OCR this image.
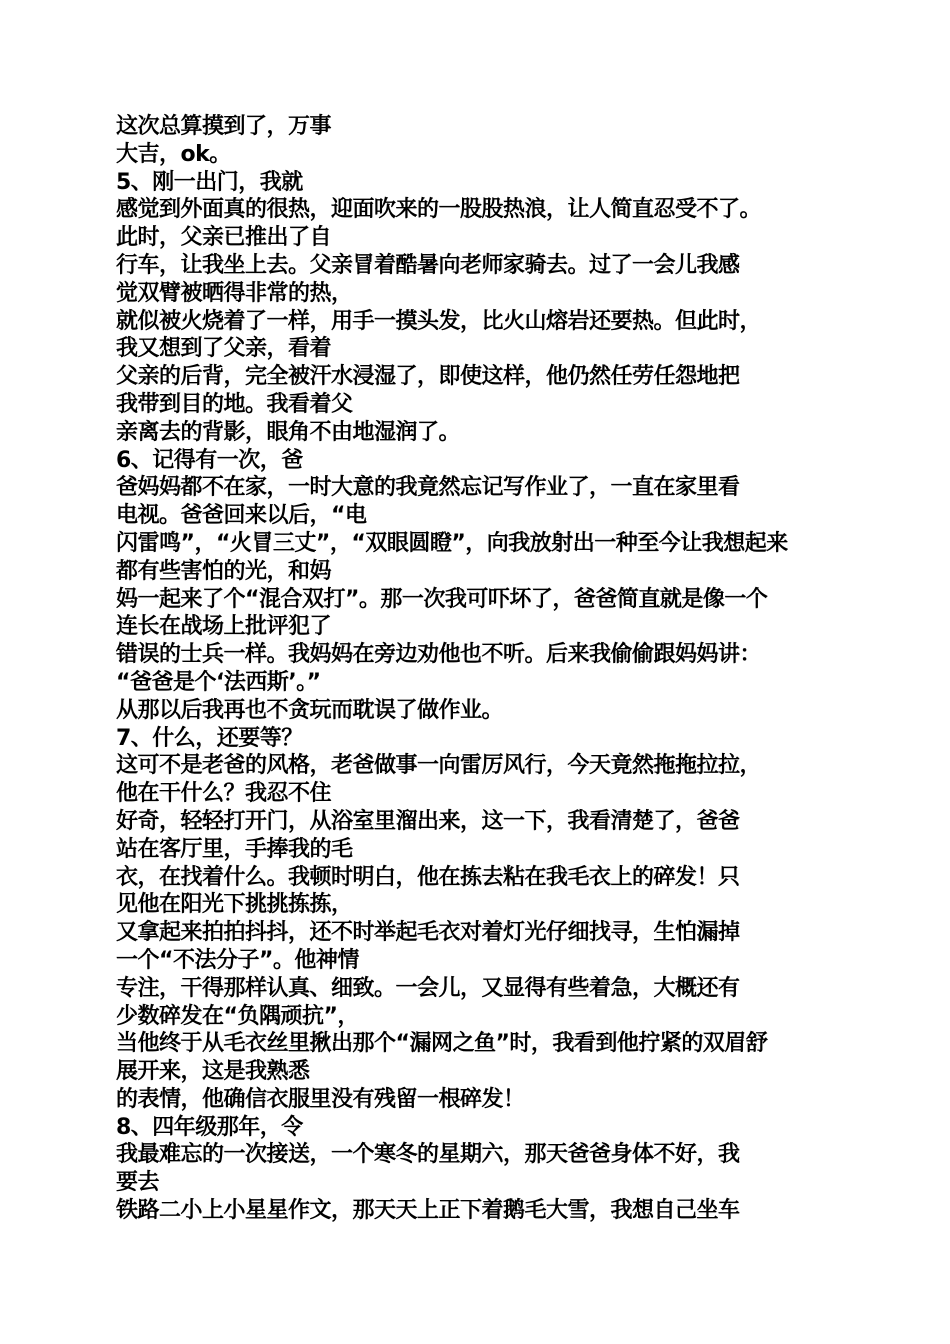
这次总算摸到了，万事
大吉，ok。
5、刚一出门，我就
感觉到外面真的很热，迎面吹来的一股股热浪，让人简直忍受不了。
此时，父亲已推出了自
行车，让我坐上去。父亲冒着酷暑向老师家骑去。过了一会儿我感
觉双臂被晒得非常的热，
就似被火烧着了一样，用手一摸头发，比火山熔岩还要热。但此时，
我又想到了父亲，看着
父亲的后背，完全被汗水浸湿了，即使这样，他仍然任劳任怨地把
我带到目的地。我看着父
亲离去的背影，眼角不由地湿润了。
6、记得有一次，爸
爸妈妈都不在家，一时大意的我竟然忘记写作业了，一直在家里看
电视。爸爸回来以后，“电
闪雷鸣”，“火冒三丈”，“双眼圆瞪”，向我放射出一种至今让我想起来
都有些害怕的光，和妈
妈一起来了个“混合双打”。那一次我可吓坏了，爸爸简直就是像一个
连长在战场上批评犯了
错误的士兵一样。我妈妈在旁边劝他也不听。后来我偷偷跟妈妈讲：
“爸爸是个‘法西斯’。”
从那以后我再也不贪玩而耽误了做作业。
7、什么，还要等？
这可不是老爸的风格，老爸做事一向雷厉风行，今天竟然拖拖拉拉，
他在干什么？我忍不住
好奇，轻轻打开门，从浴室里溜出来，这一下，我看清楚了，爸爸
站在客厅里，手捧我的毛
衣，在找着什么。我顿时明白，他在拣去粘在我毛衣上的碎发！只
见他在阳光下挑挑拣拣，
又拿起来拍拍抖抖，还不时举起毛衣对着灯光仔细找寻，生怕漏掉
一个“不法分子”。他神情
专注，干得那样认真、细致。一会儿，又显得有些着急，大概还有
少数碎发在“负隅顽抗”，
当他终于从毛衣丝里揪出那个“漏网之鱼”时，我看到他拧紧的双眉舒
展开来，这是我熟悉
的表情，他确信衣服里没有残留一根碎发！
8、四年级那年，令
我最难忘的一次接送，一个寒冬的星期六，那天爸爸身体不好，我
要去
铁路二小上小星星作文，那天天上正下着鹅毛大雪，我想自己坐车
